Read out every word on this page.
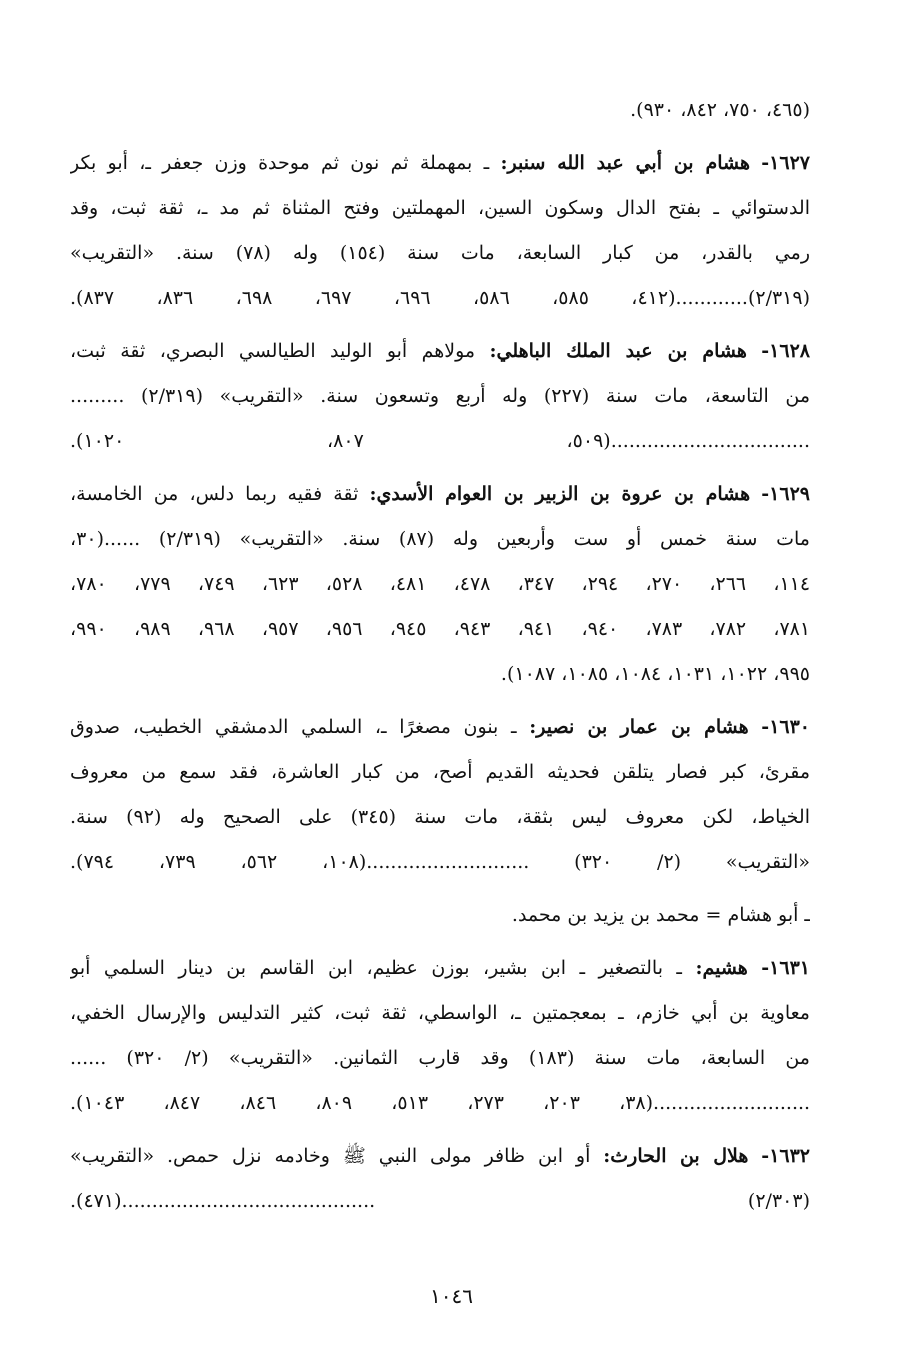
(٤٦٥، ٧٥٠، ٨٤٢، ٩٣٠).
١٦٢٧- هشام بن أبي عبد الله سنبر: ـ بمهملة ثم نون ثم موحدة وزن جعفر ـ، أبو بكر
الدستوائي ـ بفتح الدال وسكون السين، المهملتين وفتح المثناة ثم مد ـ، ثقة ثبت، وقد
رمي بالقدر، من كبار السابعة، مات سنة (١٥٤) وله (٧٨) سنة. «التقريب»
(٢/٣١٩)............(٤١٢، ٥٨٥، ٥٨٦، ٦٩٦، ٦٩٧، ٦٩٨، ٨٣٦، ٨٣٧).
١٦٢٨- هشام بن عبد الملك الباهلي: مولاهم أبو الوليد الطيالسي البصري، ثقة ثبت،
من التاسعة، مات سنة (٢٢٧) وله أربع وتسعون سنة. «التقريب» (٢/٣١٩) .........
.................................(٥٠٩، ٨٠٧، ١٠٢٠).
١٦٢٩- هشام بن عروة بن الزبير بن العوام الأسدي: ثقة فقيه ربما دلس، من الخامسة،
مات سنة خمس أو ست وأربعين وله (٨٧) سنة. «التقريب» (٢/٣١٩) ......(٣٠،
١١٤، ٢٦٦، ٢٧٠، ٢٩٤، ٣٤٧، ٤٧٨، ٤٨١، ٥٢٨، ٦٢٣، ٧٤٩، ٧٧٩، ٧٨٠،
٧٨١، ٧٨٢، ٧٨٣، ٩٤٠، ٩٤١، ٩٤٣، ٩٤٥، ٩٥٦، ٩٥٧، ٩٦٨، ٩٨٩، ٩٩٠،
٩٩٥، ١٠٢٢، ١٠٣١، ١٠٨٤، ١٠٨٥، ١٠٨٧).
١٦٣٠- هشام بن عمار بن نصير: ـ بنون مصغرًا ـ، السلمي الدمشقي الخطيب، صدوق
مقرئ، كبر فصار يتلقن فحديثه القديم أصح، من كبار العاشرة، فقد سمع من معروف
الخياط، لكن معروف ليس بثقة، مات سنة (٣٤٥) على الصحيح وله (٩٢) سنة.
«التقريب» (٢/ ٣٢٠) ...........................(١٠٨، ٥٦٢، ٧٣٩، ٧٩٤).
ـ أبو هشام = محمد بن يزيد بن محمد.
١٦٣١- هشيم: ـ بالتصغير ـ ابن بشير، بوزن عظيم، ابن القاسم بن دينار السلمي أبو
معاوية بن أبي خازم، ـ بمعجمتين ـ، الواسطي، ثقة ثبت، كثير التدليس والإرسال الخفي،
من السابعة، مات سنة (١٨٣) وقد قارب الثمانين. «التقريب» (٢/ ٣٢٠) ......
..........................(٣٨، ٢٠٣، ٢٧٣، ٥١٣، ٨٠٩، ٨٤٦، ٨٤٧، ١٠٤٣).
١٦٣٢- هلال بن الحارث: أو ابن ظافر مولى النبي ﷺ وخادمه نزل حمص. «التقريب»
(٢/٣٠٣) ..........................................(٤٧١).
١٠٤٦
